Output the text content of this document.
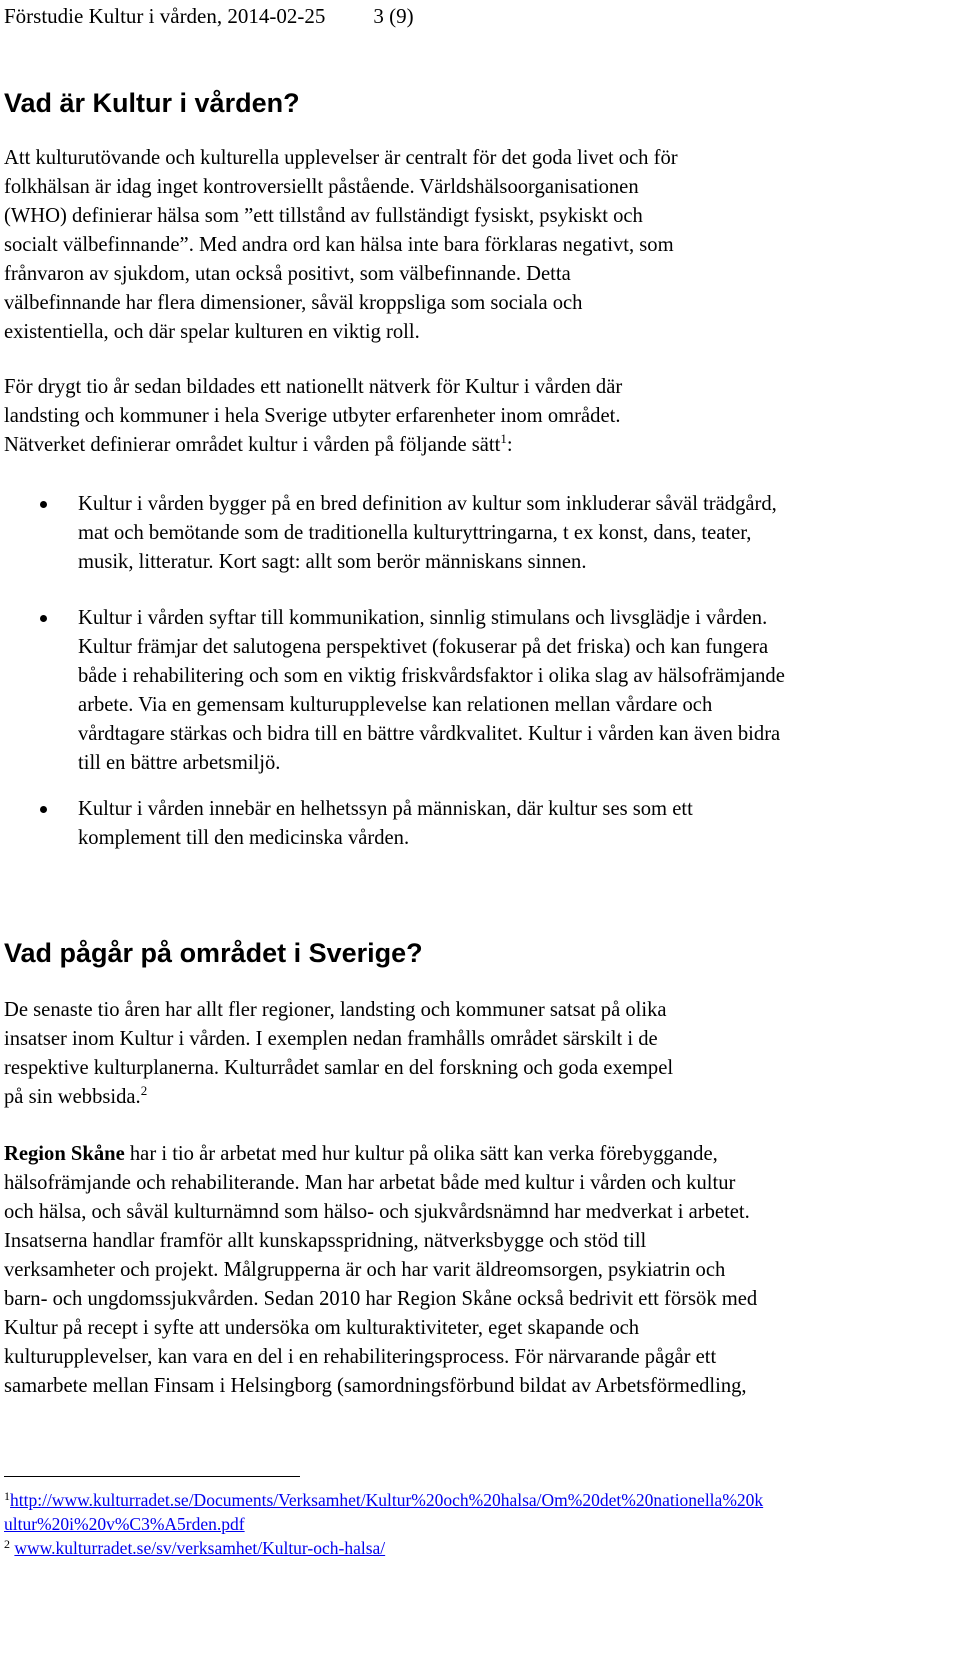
Förstudie Kultur i vården, 2014-02-25 3 (9)
Vad är Kultur i vården?
Att kulturutövande och kulturella upplevelser är centralt för det goda livet och för
folkhälsan är idag inget kontroversiellt påstående. Världshälsoorganisationen
(WHO) definierar hälsa som ”ett tillstånd av fullständigt fysiskt, psykiskt och
socialt välbefinnande”. Med andra ord kan hälsa inte bara förklaras negativt, som
frånvaron av sjukdom, utan också positivt, som välbefinnande. Detta
välbefinnande har flera dimensioner, såväl kroppsliga som sociala och
existentiella, och där spelar kulturen en viktig roll.
För drygt tio år sedan bildades ett nationellt nätverk för Kultur i vården där
landsting och kommuner i hela Sverige utbyter erfarenheter inom området.
Nätverket definierar området kultur i vården på följande sätt$^1$:
Kultur i vården bygger på en bred definition av kultur som inkluderar såväl trädgård,
mat och bemötande som de traditionella kulturyttringarna, t ex konst, dans, teater,
musik, litteratur. Kort sagt: allt som berör människans sinnen.
Kultur i vården syftar till kommunikation, sinnlig stimulans och livsglädje i vården.
Kultur främjar det salutogena perspektivet (fokuserar på det friska) och kan fungera
både i rehabilitering och som en viktig friskvårdsfaktor i olika slag av hälsofrämjande
arbete. Via en gemensam kulturupplevelse kan relationen mellan vårdare och
vårdtagare stärkas och bidra till en bättre vårdkvalitet. Kultur i vården kan även bidra
till en bättre arbetsmiljö.
Kultur i vården innebär en helhetssyn på människan, där kultur ses som ett
komplement till den medicinska vården.
Vad pågår på området i Sverige?
De senaste tio åren har allt fler regioner, landsting och kommuner satsat på olika
insatser inom Kultur i vården. I exemplen nedan framhålls området särskilt i de
respektive kulturplanerna. Kulturrådet samlar en del forskning och goda exempel
på sin webbsida.$^2$
Region Skåne har i tio år arbetat med hur kultur på olika sätt kan verka förebyggande,
hälsofrämjande och rehabiliterande. Man har arbetat både med kultur i vården och kultur
och hälsa, och såväl kulturnämnd som hälso- och sjukvårdsnämnd har medverkat i arbetet.
Insatserna handlar framför allt kunskapsspridning, nätverksbygge och stöd till
verksamheter och projekt. Målgrupperna är och har varit äldreomsorgen, psykiatrin och
barn- och ungdomssjukvården. Sedan 2010 har Region Skåne också bedrivit ett försök med
Kultur på recept i syfte att undersöka om kulturaktiviteter, eget skapande och
kulturupplevelser, kan vara en del i en rehabiliteringsprocess. För närvarande pågår ett
samarbete mellan Finsam i Helsingborg (samordningsförbund bildat av Arbetsförmedling,
$^1$http://www.kulturradet.se/Documents/Verksamhet/Kultur%20och%20halsa/Om%20det%20nationella%20k
ultur%20i%20v%C3%A5rden.pdf
$^2$ www.kulturradet.se/sv/verksamhet/Kultur-och-halsa/
